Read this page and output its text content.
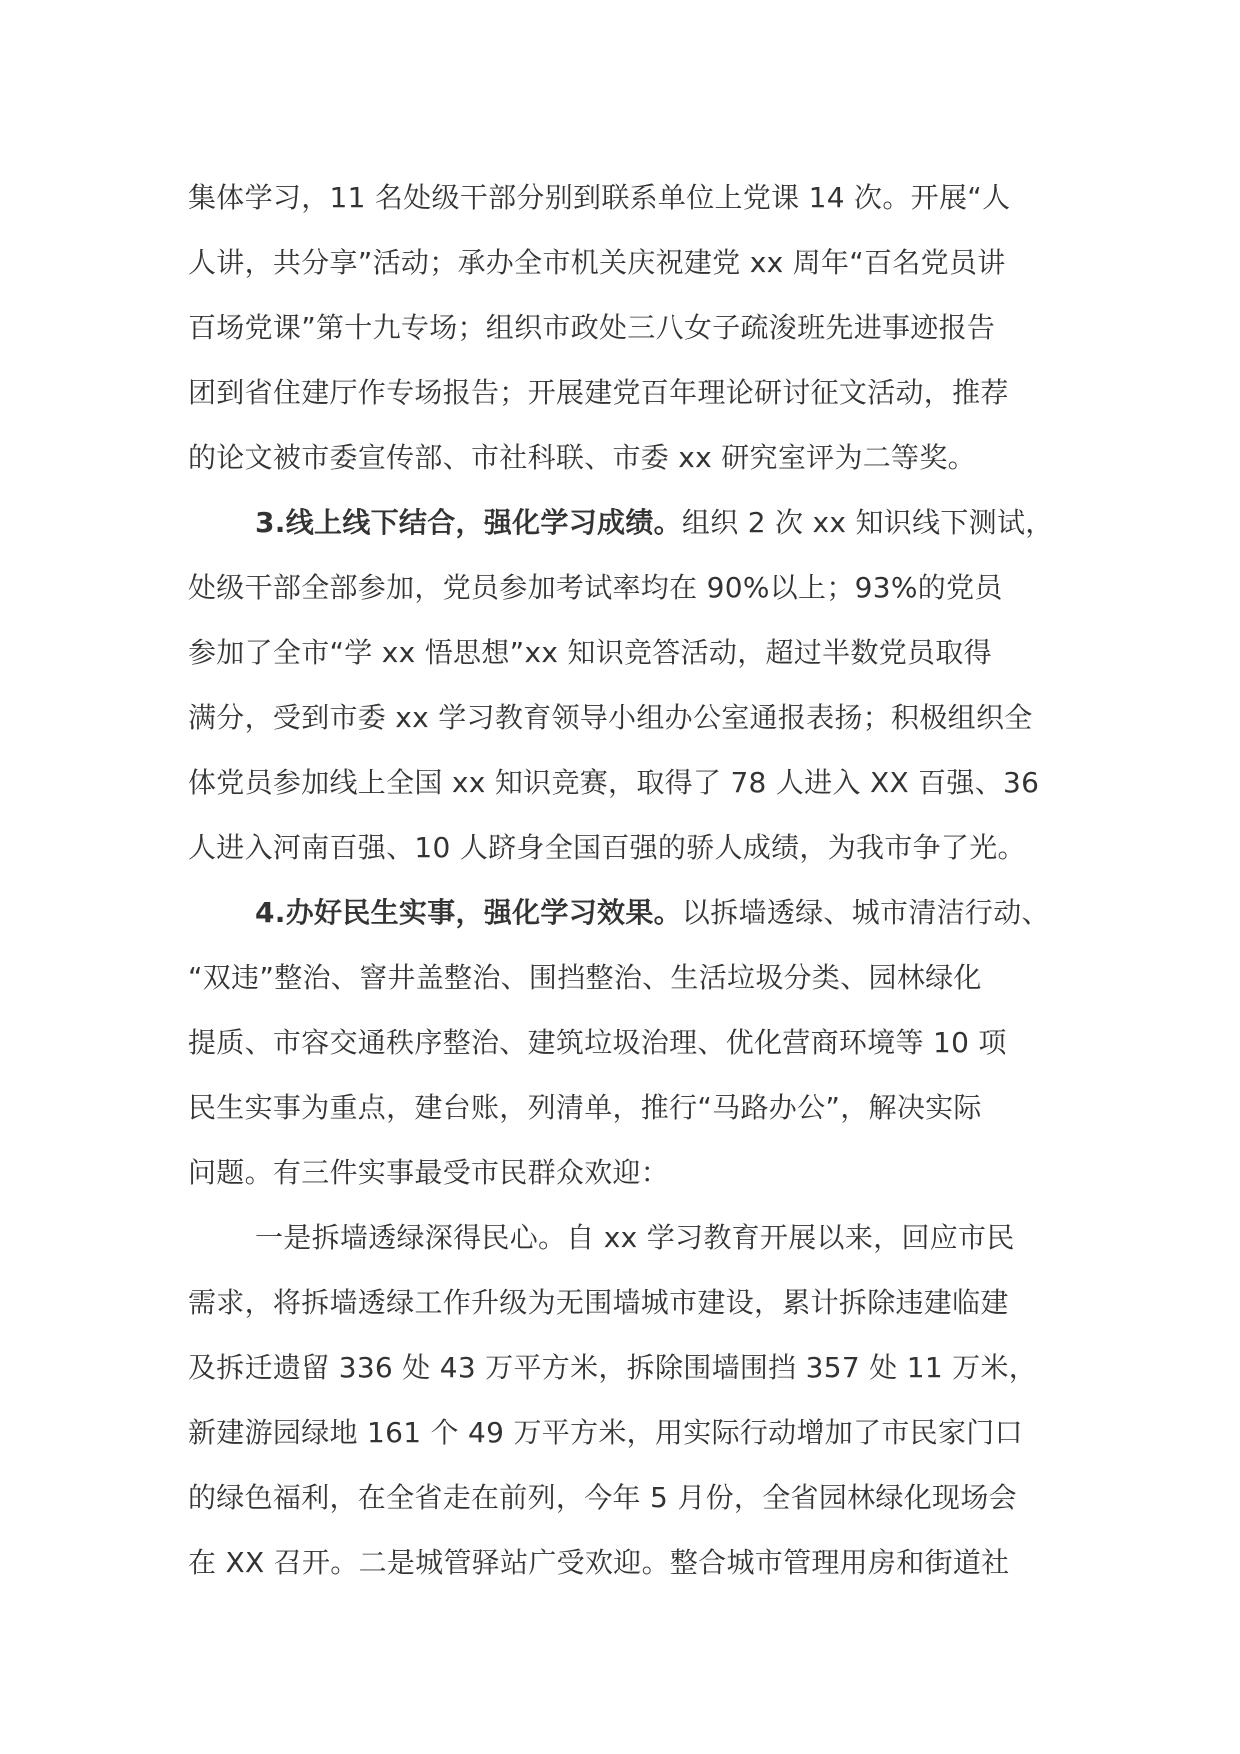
集体学习，11 名处级干部分别到联系单位上党课 14 次。开展“人
人讲，共分享”活动；承办全市机关庆祝建党 xx 周年“百名党员讲
百场党课”第十九专场；组织市政处三八女子疏浚班先进事迹报告
团到省住建厅作专场报告；开展建党百年理论研讨征文活动，推荐
的论文被市委宣传部、市社科联、市委 xx 研究室评为二等奖。
3.线上线下结合，强化学习成绩。组织 2 次 xx 知识线下测试，
处级干部全部参加，党员参加考试率均在 90%以上；93%的党员
参加了全市“学 xx 悟思想”xx 知识竞答活动，超过半数党员取得
满分，受到市委 xx 学习教育领导小组办公室通报表扬；积极组织全
体党员参加线上全国 xx 知识竞赛，取得了 78 人进入 XX 百强、36
人进入河南百强、10 人跻身全国百强的骄人成绩，为我市争了光。
4.办好民生实事，强化学习效果。以拆墙透绿、城市清洁行动、
“双违”整治、窨井盖整治、围挡整治、生活垃圾分类、园林绿化
提质、市容交通秩序整治、建筑垃圾治理、优化营商环境等 10 项
民生实事为重点，建台账，列清单，推行“马路办公”，解决实际
问题。有三件实事最受市民群众欢迎：
一是拆墙透绿深得民心。自 xx 学习教育开展以来，回应市民
需求，将拆墙透绿工作升级为无围墙城市建设，累计拆除违建临建
及拆迁遗留 336 处 43 万平方米，拆除围墙围挡 357 处 11 万米，
新建游园绿地 161 个 49 万平方米，用实际行动增加了市民家门口
的绿色福利，在全省走在前列，今年 5 月份，全省园林绿化现场会
在 XX 召开。二是城管驿站广受欢迎。整合城市管理用房和街道社
